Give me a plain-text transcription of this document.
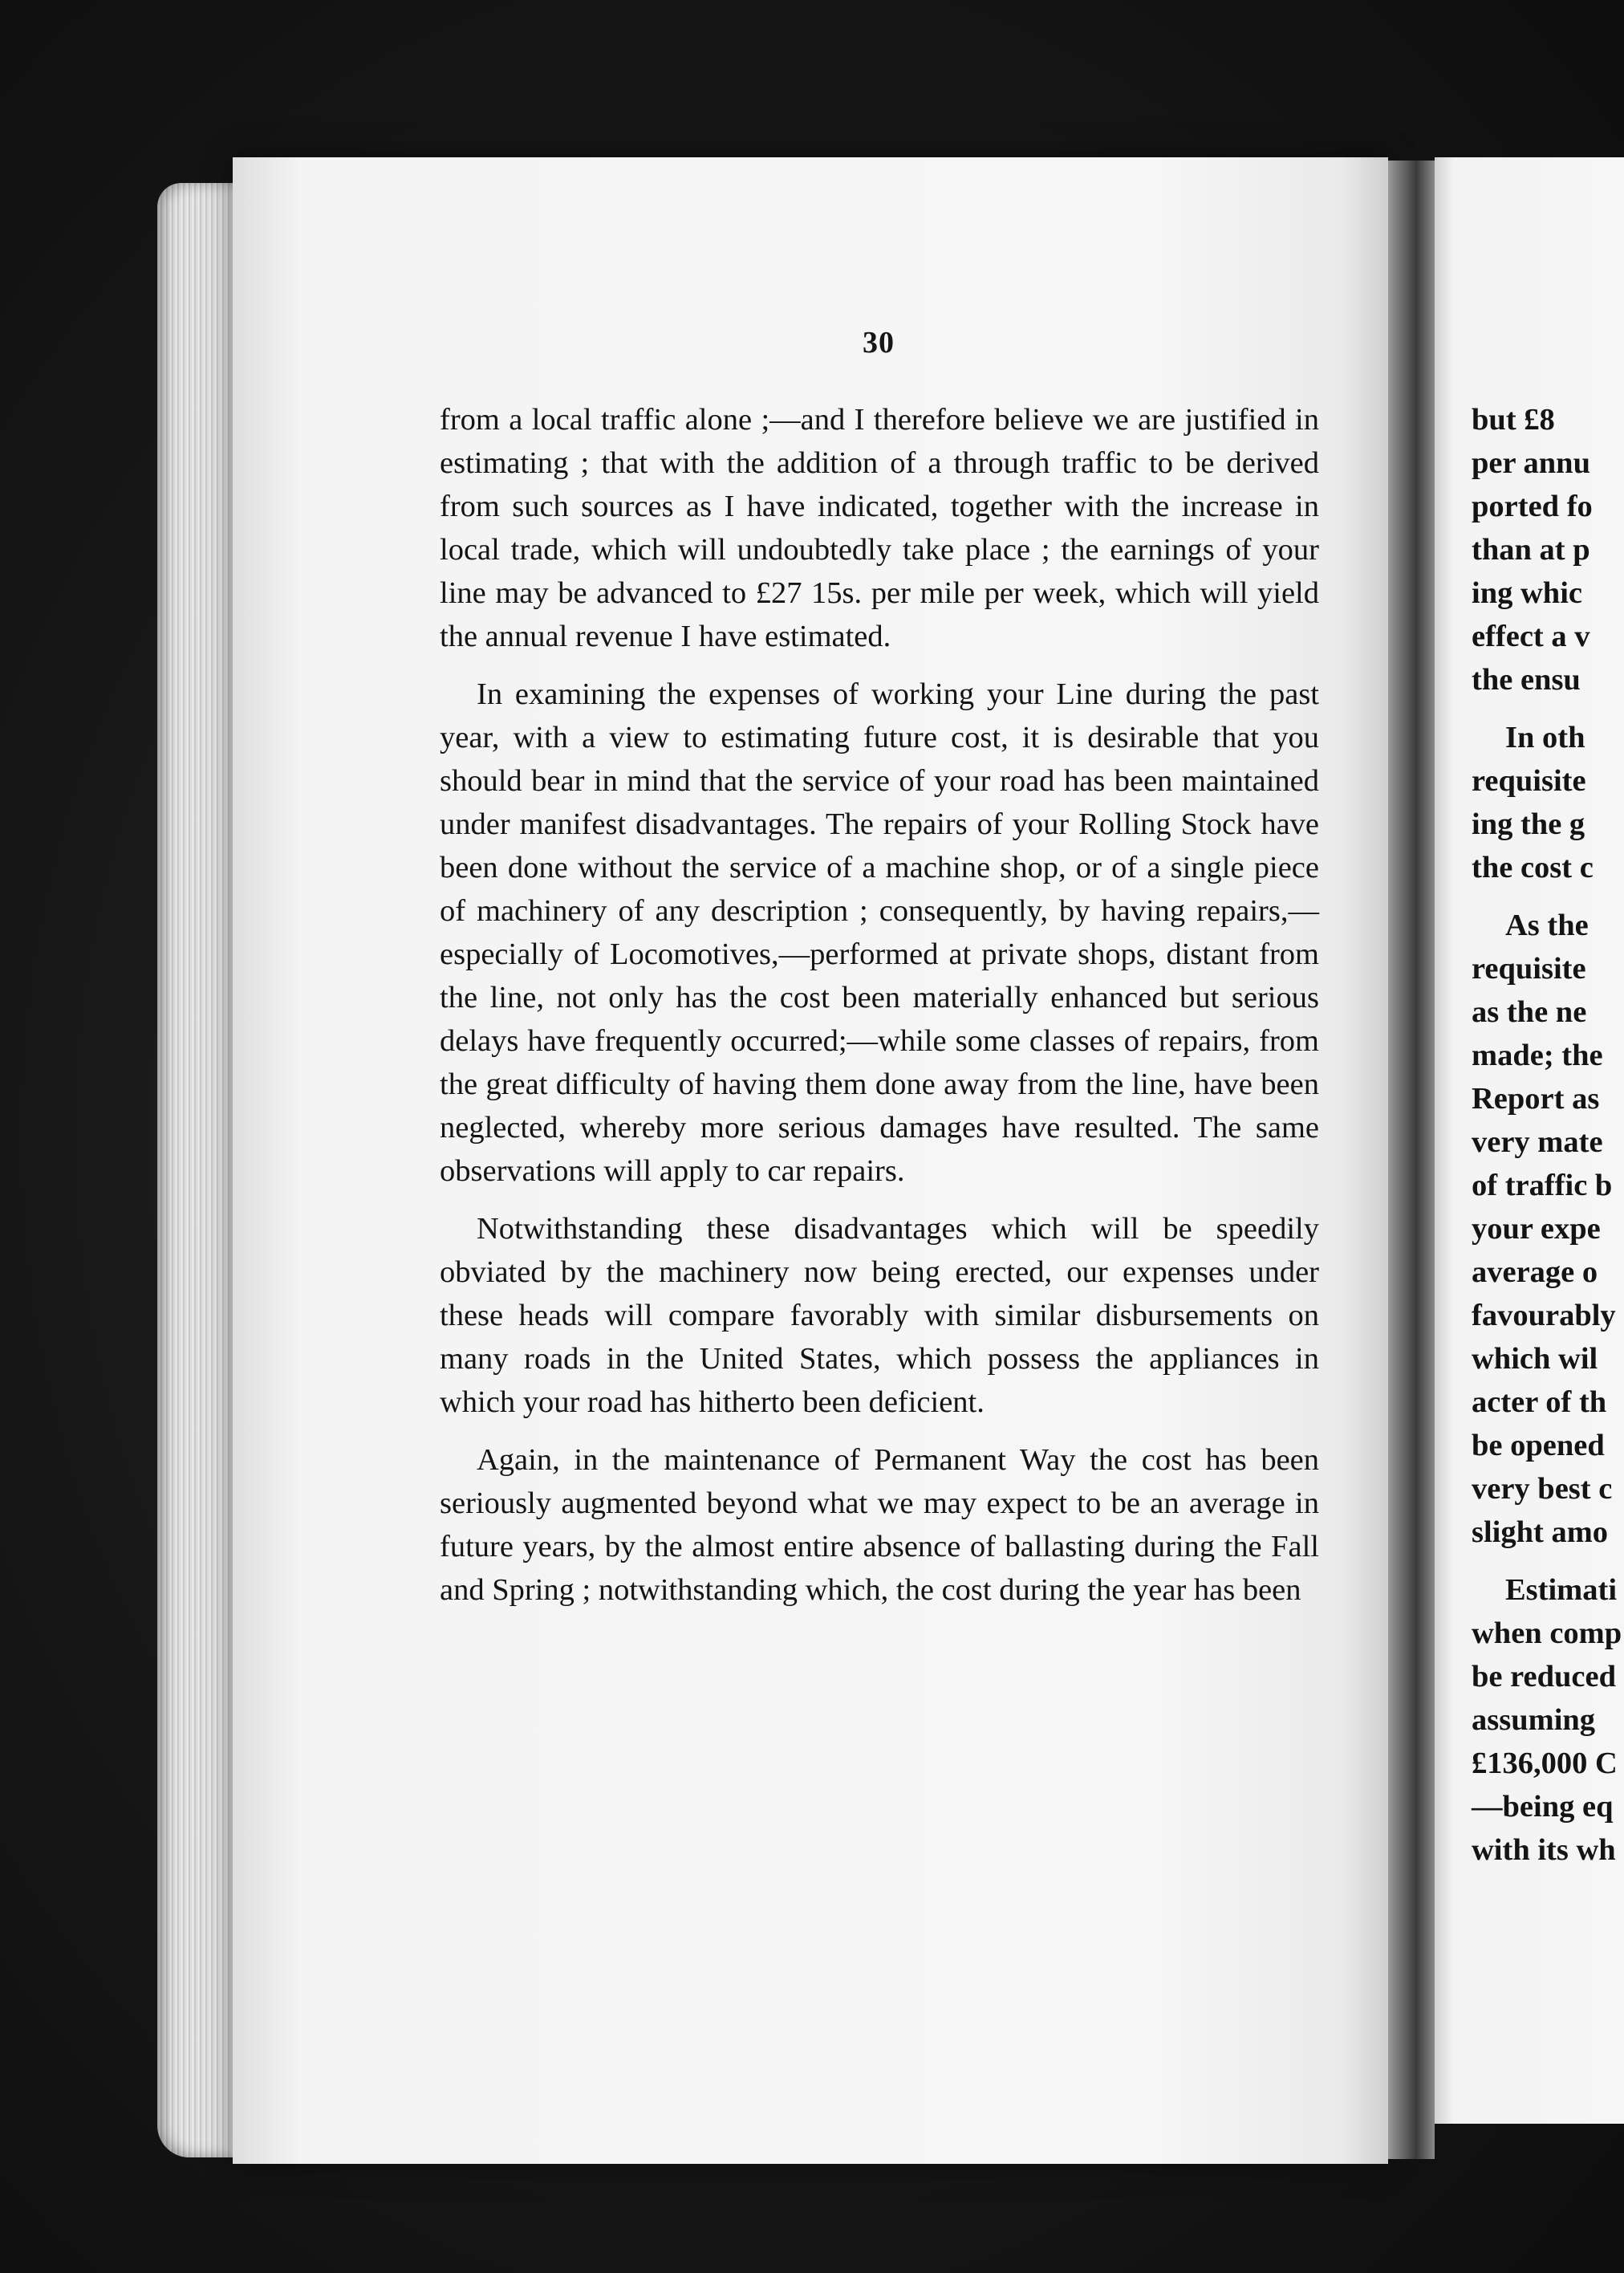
but £8
per annu
ported fo
than at p
ing whic
effect a v
the ensu
In oth
requisite
ing the g
the cost c
As the
requisite
as the ne
made; the
Report as
very mate
of traffic b
your expe
average o
favourably
which wil
acter of th
be opened
very best c
slight amo
Estimati
when comp
be reduced
assuming
£136,000 C
—being eq
with its wh
30

from a local traffic alone ;—and I therefore believe we are justified in estimating ; that with the addition of a through traffic to be derived from such sources as I have indicated, together with the increase in local trade, which will undoubtedly take place ; the earnings of your line may be advanced to £27 15s. per mile per week, which will yield the annual revenue I have estimated.

In examining the expenses of working your Line during the past year, with a view to estimating future cost, it is desirable that you should bear in mind that the service of your road has been maintained under manifest disadvantages. The repairs of your Rolling Stock have been done without the service of a machine shop, or of a single piece of machinery of any description ; consequently, by having repairs,—especially of Locomotives,—performed at private shops, distant from the line, not only has the cost been materially enhanced but serious delays have frequently occurred;—while some classes of repairs, from the great difficulty of having them done away from the line, have been neglected, whereby more serious damages have resulted. The same observations will apply to car repairs.

Notwithstanding these disadvantages which will be speedily obviated by the machinery now being erected, our expenses under these heads will compare favorably with similar disbursements on many roads in the United States, which possess the appliances in which your road has hitherto been deficient.

Again, in the maintenance of Permanent Way the cost has been seriously augmented beyond what we may expect to be an average in future years, by the almost entire absence of ballasting during the Fall and Spring ; notwithstanding which, the cost during the year has been
